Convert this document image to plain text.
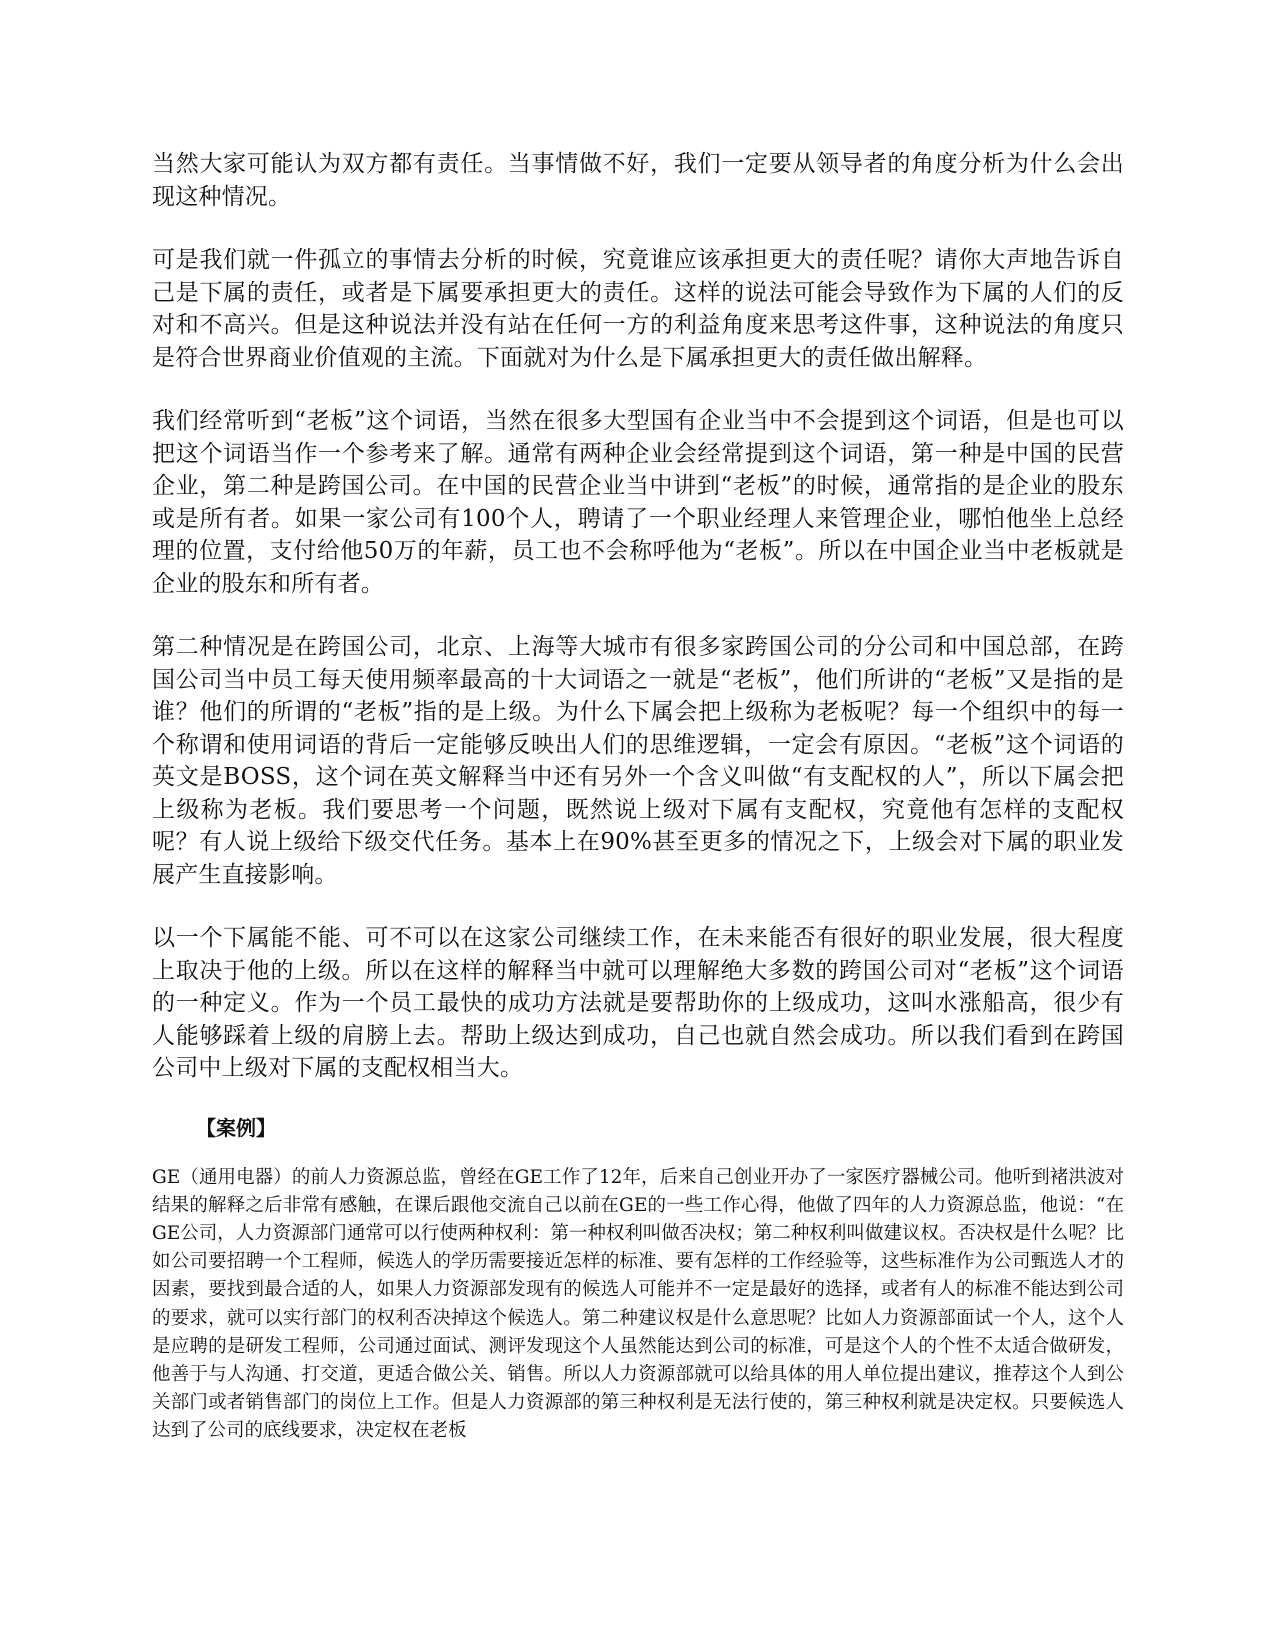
当然大家可能认为双方都有责任。当事情做不好，我们一定要从领导者的角度分析为什么会出现这种情况。

可是我们就一件孤立的事情去分析的时候，究竟谁应该承担更大的责任呢？请你大声地告诉自己是下属的责任，或者是下属要承担更大的责任。这样的说法可能会导致作为下属的人们的反对和不高兴。但是这种说法并没有站在任何一方的利益角度来思考这件事，这种说法的角度只是符合世界商业价值观的主流。下面就对为什么是下属承担更大的责任做出解释。

我们经常听到“老板”这个词语，当然在很多大型国有企业当中不会提到这个词语，但是也可以把这个词语当作一个参考来了解。通常有两种企业会经常提到这个词语，第一种是中国的民营企业，第二种是跨国公司。在中国的民营企业当中讲到“老板”的时候，通常指的是企业的股东或是所有者。如果一家公司有100个人，聘请了一个职业经理人来管理企业，哪怕他坐上总经理的位置，支付给他50万的年薪，员工也不会称呼他为“老板”。所以在中国企业当中老板就是企业的股东和所有者。

第二种情况是在跨国公司，北京、上海等大城市有很多家跨国公司的分公司和中国总部，在跨国公司当中员工每天使用频率最高的十大词语之一就是“老板”，他们所讲的“老板”又是指的是谁？他们的所谓的“老板”指的是上级。为什么下属会把上级称为老板呢？每一个组织中的每一个称谓和使用词语的背后一定能够反映出人们的思维逻辑，一定会有原因。“老板”这个词语的英文是BOSS，这个词在英文解释当中还有另外一个含义叫做“有支配权的人”，所以下属会把上级称为老板。我们要思考一个问题，既然说上级对下属有支配权，究竟他有怎样的支配权呢？有人说上级给下级交代任务。基本上在90%甚至更多的情况之下，上级会对下属的职业发展产生直接影响。

以一个下属能不能、可不可以在这家公司继续工作，在未来能否有很好的职业发展，很大程度上取决于他的上级。所以在这样的解释当中就可以理解绝大多数的跨国公司对“老板”这个词语的一种定义。作为一个员工最快的成功方法就是要帮助你的上级成功，这叫水涨船高，很少有人能够踩着上级的肩膀上去。帮助上级达到成功，自己也就自然会成功。所以我们看到在跨国公司中上级对下属的支配权相当大。

【案例】

GE（通用电器）的前人力资源总监，曾经在GE工作了12年，后来自己创业开办了一家医疗器械公司。他听到褚洪波对结果的解释之后非常有感触，在课后跟他交流自己以前在GE的一些工作心得，他做了四年的人力资源总监，他说：“在GE公司，人力资源部门通常可以行使两种权利：第一种权利叫做否决权；第二种权利叫做建议权。否决权是什么呢？比如公司要招聘一个工程师，候选人的学历需要接近怎样的标准、要有怎样的工作经验等，这些标准作为公司甄选人才的因素，要找到最合适的人，如果人力资源部发现有的候选人可能并不一定是最好的选择，或者有人的标准不能达到公司的要求，就可以实行部门的权利否决掉这个候选人。第二种建议权是什么意思呢？比如人力资源部面试一个人，这个人是应聘的是研发工程师，公司通过面试、测评发现这个人虽然能达到公司的标准，可是这个人的个性不太适合做研发，他善于与人沟通、打交道，更适合做公关、销售。所以人力资源部就可以给具体的用人单位提出建议，推荐这个人到公关部门或者销售部门的岗位上工作。但是人力资源部的第三种权利是无法行使的，第三种权利就是决定权。只要候选人达到了公司的底线要求，决定权在老板
